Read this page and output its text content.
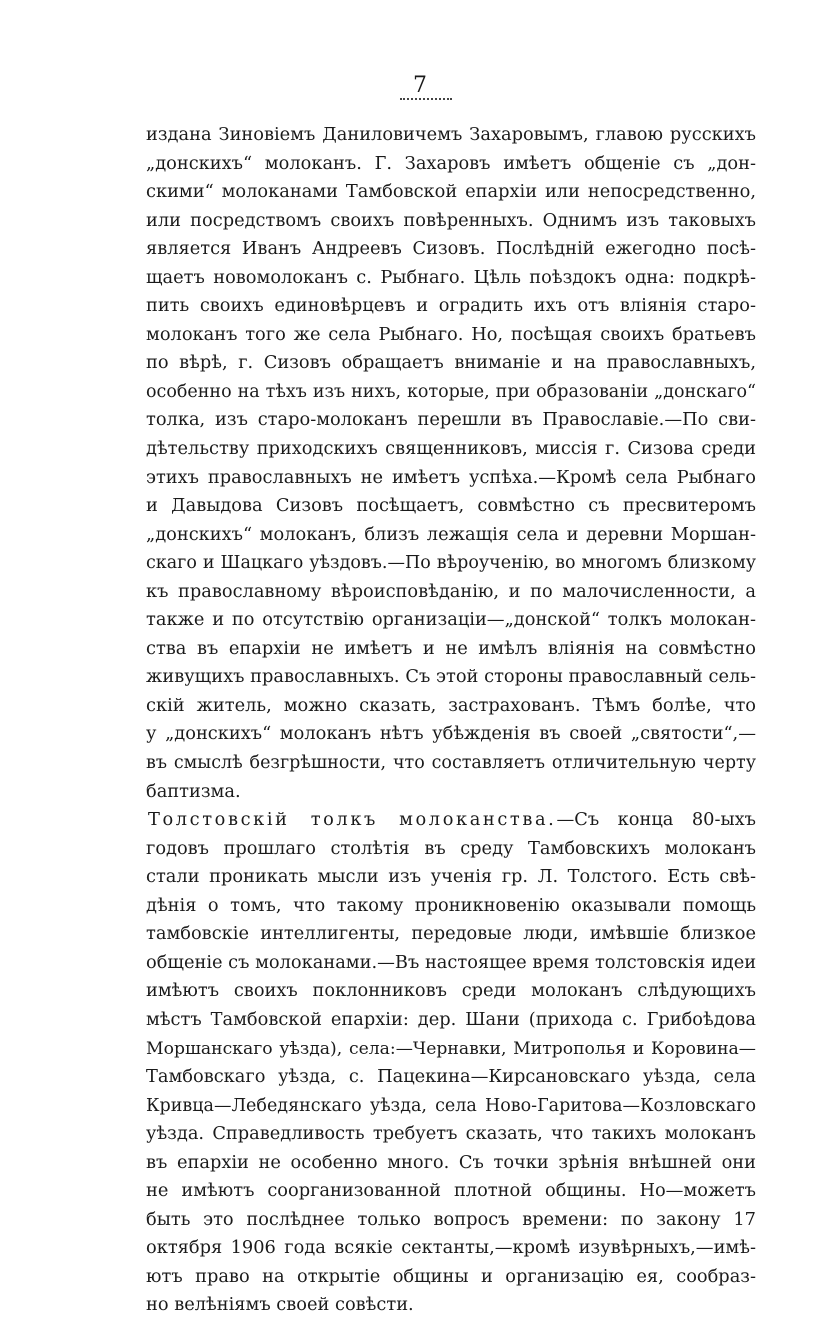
7
издана Зиновіемъ Даниловичемъ Захаровымъ, главою русскихъ
„донскихъ“ молоканъ. Г. Захаровъ имѣетъ общеніе съ „дон-
скими“ молоканами Тамбовской епархіи или непосредственно,
или посредствомъ своихъ повѣренныхъ. Однимъ изъ таковыхъ
является Иванъ Андреевъ Сизовъ. Послѣдній ежегодно посѣ-
щаетъ новомолоканъ с. Рыбнаго. Цѣль поѣздокъ одна: подкрѣ-
пить своихъ единовѣрцевъ и оградить ихъ отъ вліянія старо-
молоканъ того же села Рыбнаго. Но, посѣщая своихъ братьевъ
по вѣрѣ, г. Сизовъ обращаетъ вниманіе и на православныхъ,
особенно на тѣхъ изъ нихъ, которые, при образованіи „донскаго“
толка, изъ старо-молоканъ перешли въ Православіе.—По сви-
дѣтельству приходскихъ священниковъ, миссія г. Сизова среди
этихъ православныхъ не имѣетъ успѣха.—Кромѣ села Рыбнаго
и Давыдова Сизовъ посѣщаетъ, совмѣстно съ пресвитеромъ
„донскихъ“ молоканъ, близъ лежащія села и деревни Моршан-
скаго и Шацкаго уѣздовъ.—По вѣроученію, во многомъ близкому
къ православному вѣроисповѣданію, и по малочисленности, а
также и по отсутствію организаціи—„донской“ толкъ молокан-
ства въ епархіи не имѣетъ и не имѣлъ вліянія на совмѣстно
живущихъ православныхъ. Съ этой стороны православный сель-
скій житель, можно сказать, застрахованъ. Тѣмъ болѣе, что
у „донскихъ“ молоканъ нѣтъ убѣжденія въ своей „святости“,—
въ смыслѣ безгрѣшности, что составляетъ отличительную черту
баптизма.
Толстовскій толкъ молоканства.—Съ конца 80-ыхъ
годовъ прошлаго столѣтія въ среду Тамбовскихъ молоканъ
стали проникать мысли изъ ученія гр. Л. Толстого. Есть свѣ-
дѣнія о томъ, что такому проникновенію оказывали помощь
тамбовскіе интеллигенты, передовые люди, имѣвшіе близкое
общеніе съ молоканами.—Въ настоящее время толстовскія идеи
имѣютъ своихъ поклонниковъ среди молоканъ слѣдующихъ
мѣстъ Тамбовской епархіи: дер. Шани (прихода с. Грибоѣдова
Моршанскаго уѣзда), села:—Чернавки, Митрополья и Коровина—
Тамбовскаго уѣзда, с. Пацекина—Кирсановскаго уѣзда, села
Кривца—Лебедянскаго уѣзда, села Ново-Гаритова—Козловскаго
уѣзда. Справедливость требуетъ сказать, что такихъ молоканъ
въ епархіи не особенно много. Съ точки зрѣнія внѣшней они
не имѣютъ соорганизованной плотной общины. Но—можетъ
быть это послѣднее только вопросъ времени: по закону 17
октября 1906 года всякіе сектанты,—кромѣ изувѣрныхъ,—имѣ-
ютъ право на открытіе общины и организацію ея, сообраз-
но велѣніямъ своей совѣсти.
